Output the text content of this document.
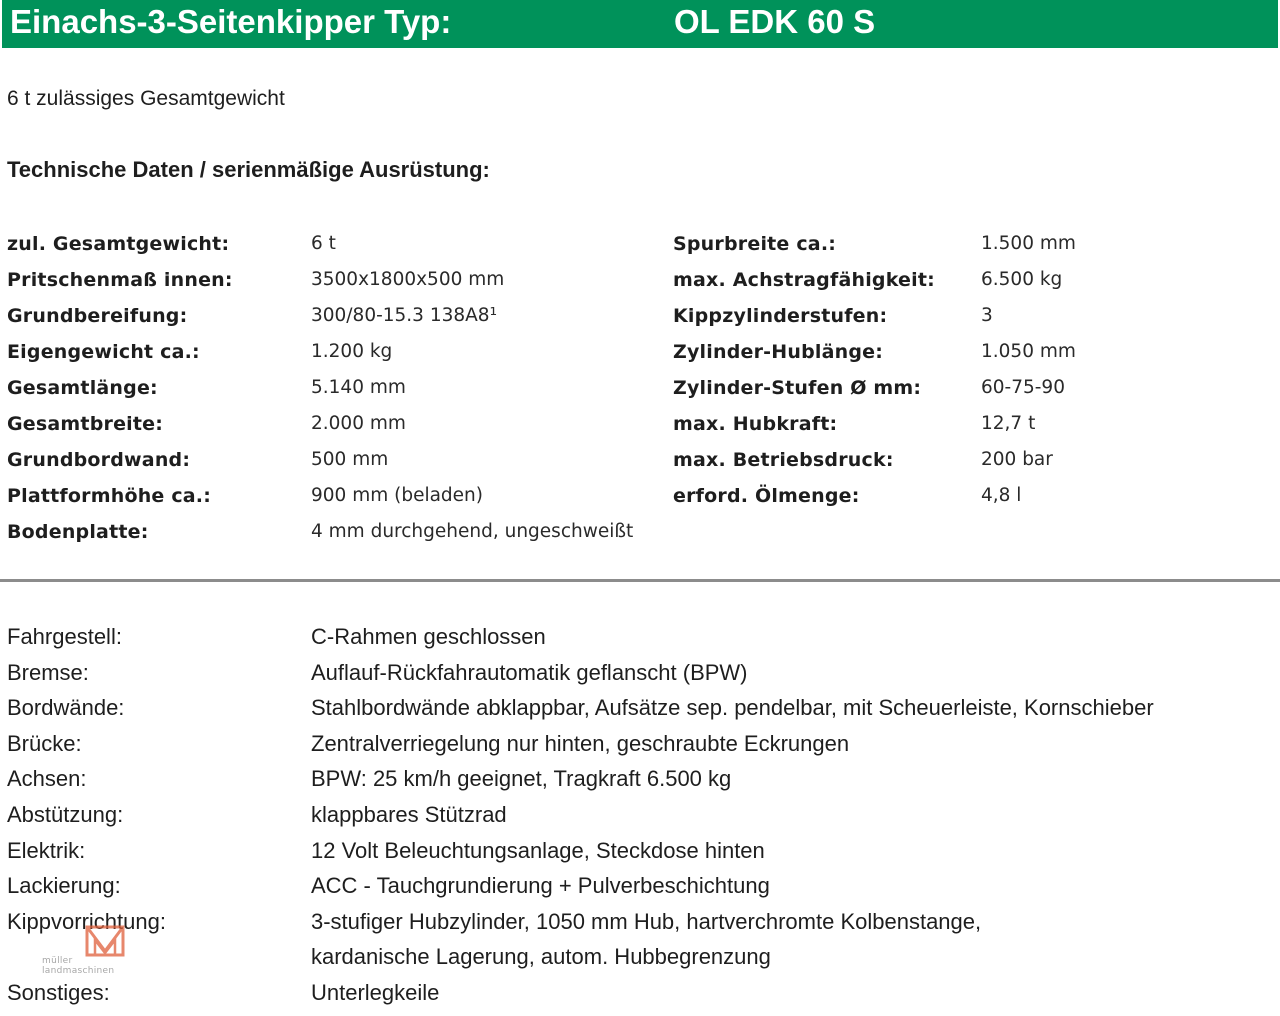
Einachs-3-Seitenkipper Typ:	OL EDK 60 S
6 t zulässiges Gesamtgewicht
Technische Daten / serienmäßige Ausrüstung:
zul. Gesamtgewicht:	6 t
Pritschenmaß innen:	3500x1800x500 mm
Grundbereifung:	300/80-15.3 138A8¹
Eigengewicht ca.:	1.200 kg
Gesamtlänge:	5.140 mm
Gesamtbreite:	2.000 mm
Grundbordwand:	500 mm
Plattformhöhe ca.:	900 mm (beladen)
Bodenplatte:	4 mm durchgehend, ungeschweißt
Spurbreite ca.:	1.500 mm
max. Achstragfähigkeit: 6.500 kg
Kippzylinderstufen:	3
Zylinder-Hublänge:	1.050 mm
Zylinder-Stufen Ø mm:	60-75-90
max. Hubkraft:	12,7 t
max. Betriebsdruck:	200 bar
erford. Ölmenge:	4,8 l
Fahrgestell:	C-Rahmen geschlossen
Bremse:	Auflauf-Rückfahrautomatik geflanscht (BPW)
Bordwände:	Stahlbordwände abklappbar, Aufsätze sep. pendelbar, mit Scheuerleiste, Kornschieber
Brücke:	Zentralverriegelung nur hinten, geschraubte Eckrungen
Achsen:	BPW: 25 km/h geeignet, Tragkraft 6.500 kg
Abstützung:	klappbares Stützrad
Elektrik:	12 Volt Beleuchtungsanlage, Steckdose hinten
Lackierung:	ACC - Tauchgrundierung + Pulverbeschichtung
Kippvorrichtung:	3-stufiger Hubzylinder, 1050 mm Hub, hartverchromte Kolbenstange,
kardanische Lagerung, autom. Hubbegrenzung
Sonstiges:	Unterlegkeile
müller
landmaschinen
